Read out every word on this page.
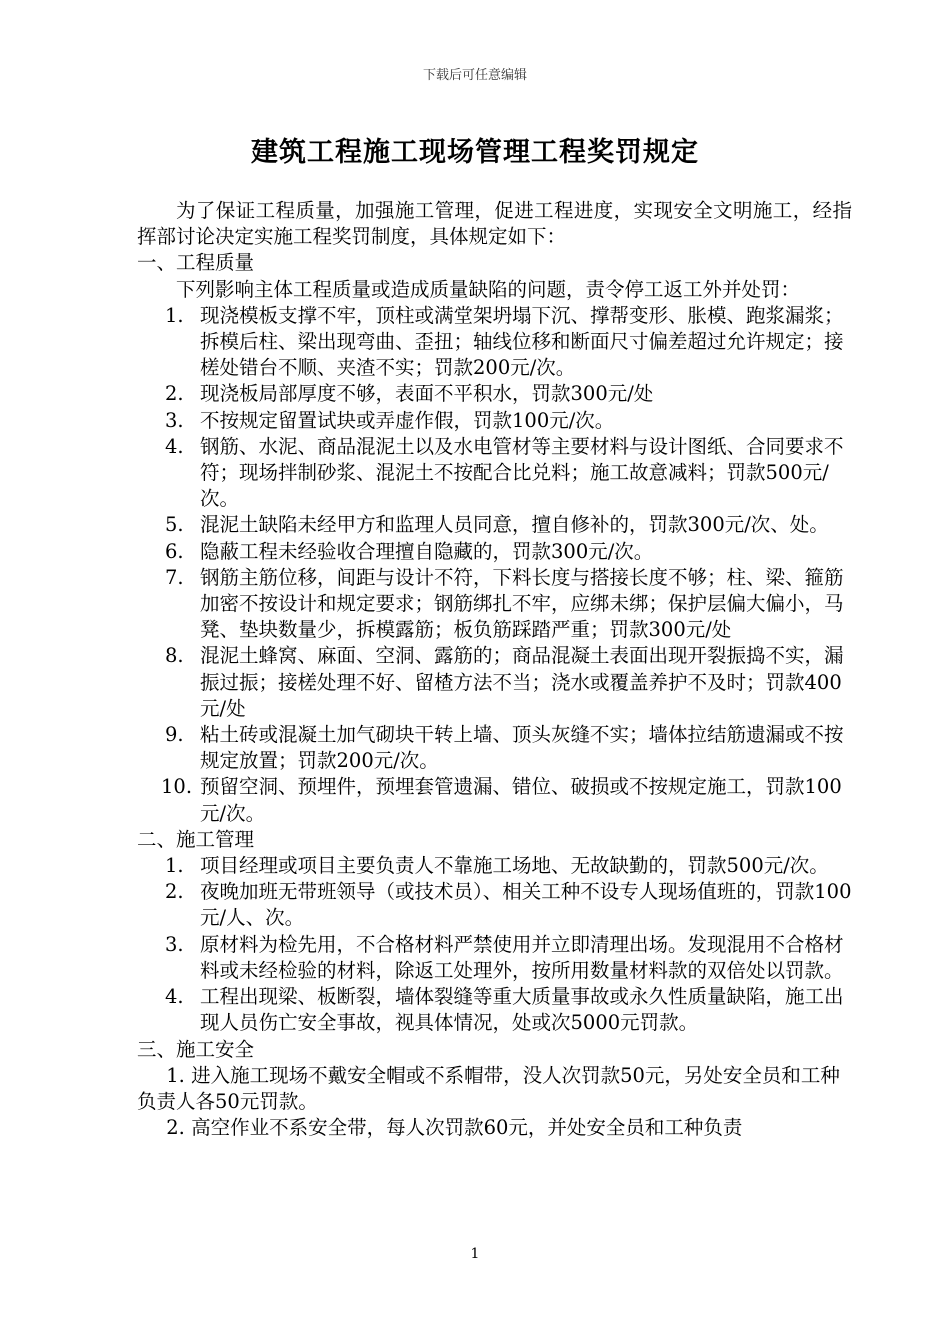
下载后可任意编辑
建筑工程施工现场管理工程奖罚规定

为了保证工程质量，加强施工管理，促进工程进度，实现安全文明施工，经指挥部讨论决定实施工程奖罚制度，具体规定如下：

一、工程质量

下列影响主体工程质量或造成质量缺陷的问题，责令停工返工外并处罚：

1. 现浇模板支撑不牢，顶柱或满堂架坍塌下沉、撑帮变形、胀模、跑浆漏浆；拆模后柱、梁出现弯曲、歪扭；轴线位移和断面尺寸偏差超过允许规定；接槎处错台不顺、夹渣不实；罚款200元/次。
2. 现浇板局部厚度不够，表面不平积水，罚款300元/处
3. 不按规定留置试块或弄虚作假，罚款100元/次。
4. 钢筋、水泥、商品混泥土以及水电管材等主要材料与设计图纸、合同要求不符；现场拌制砂浆、混泥土不按配合比兑料；施工故意减料；罚款500元/次。
5. 混泥土缺陷未经甲方和监理人员同意，擅自修补的，罚款300元/次、处。
6. 隐蔽工程未经验收合理擅自隐藏的，罚款300元/次。
7. 钢筋主筋位移，间距与设计不符，下料长度与搭接长度不够；柱、梁、箍筋加密不按设计和规定要求；钢筋绑扎不牢，应绑未绑；保护层偏大偏小，马凳、垫块数量少，拆模露筋；板负筋踩踏严重；罚款300元/处
8. 混泥土蜂窝、麻面、空洞、露筋的；商品混凝土表面出现开裂振捣不实，漏振过振；接槎处理不好、留楂方法不当；浇水或覆盖养护不及时；罚款400元/处
9. 粘土砖或混凝土加气砌块干转上墙、顶头灰缝不实；墙体拉结筋遗漏或不按规定放置；罚款200元/次。
10. 预留空洞、预埋件，预埋套管遗漏、错位、破损或不按规定施工，罚款100元/次。

二、施工管理

1. 项目经理或项目主要负责人不靠施工场地、无故缺勤的，罚款500元/次。
2. 夜晚加班无带班领导（或技术员）、相关工种不设专人现场值班的，罚款100元/人、次。
3. 原材料为检先用，不合格材料严禁使用并立即清理出场。发现混用不合格材料或未经检验的材料，除返工处理外，按所用数量材料款的双倍处以罚款。
4. 工程出现梁、板断裂，墙体裂缝等重大质量事故或永久性质量缺陷，施工出现人员伤亡安全事故，视具体情况，处或次5000元罚款。

三、施工安全

1. 进入施工现场不戴安全帽或不系帽带，没人次罚款50元，另处安全员和工种负责人各50元罚款。
2. 高空作业不系安全带，每人次罚款60元，并处安全员和工种负责
1
